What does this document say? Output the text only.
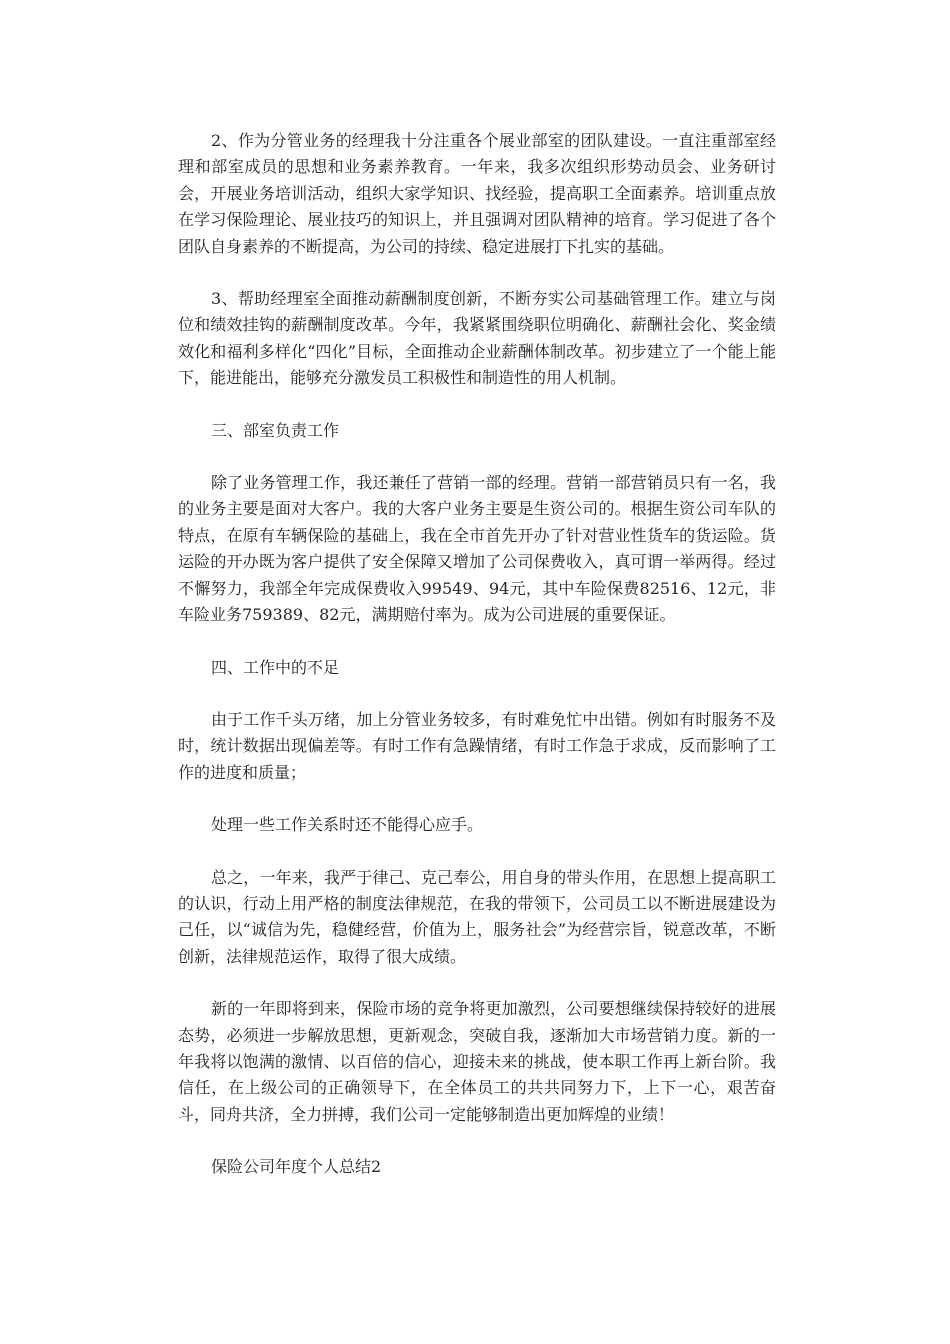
2、作为分管业务的经理我十分注重各个展业部室的团队建设。一直注重部室经理和部室成员的思想和业务素养教育。一年来，我多次组织形势动员会、业务研讨会，开展业务培训活动，组织大家学知识、找经验，提高职工全面素养。培训重点放在学习保险理论、展业技巧的知识上，并且强调对团队精神的培育。学习促进了各个团队自身素养的不断提高，为公司的持续、稳定进展打下扎实的基础。

3、帮助经理室全面推动薪酬制度创新，不断夯实公司基础管理工作。建立与岗位和绩效挂钩的薪酬制度改革。今年，我紧紧围绕职位明确化、薪酬社会化、奖金绩效化和福利多样化“四化”目标，全面推动企业薪酬体制改革。初步建立了一个能上能下，能进能出，能够充分激发员工积极性和制造性的用人机制。

三、部室负责工作

除了业务管理工作，我还兼任了营销一部的经理。营销一部营销员只有一名，我的业务主要是面对大客户。我的大客户业务主要是生资公司的。根据生资公司车队的特点，在原有车辆保险的基础上，我在全市首先开办了针对营业性货车的货运险。货运险的开办既为客户提供了安全保障又增加了公司保费收入，真可谓一举两得。经过不懈努力，我部全年完成保费收入99549、94元，其中车险保费82516、12元，非车险业务759389、82元，满期赔付率为。成为公司进展的重要保证。

四、工作中的不足

由于工作千头万绪，加上分管业务较多，有时难免忙中出错。例如有时服务不及时，统计数据出现偏差等。有时工作有急躁情绪，有时工作急于求成，反而影响了工作的进度和质量；

处理一些工作关系时还不能得心应手。

总之，一年来，我严于律己、克己奉公，用自身的带头作用，在思想上提高职工的认识，行动上用严格的制度法律规范，在我的带领下，公司员工以不断进展建设为己任，以“诚信为先，稳健经营，价值为上，服务社会”为经营宗旨，锐意改革，不断创新，法律规范运作，取得了很大成绩。

新的一年即将到来，保险市场的竞争将更加激烈，公司要想继续保持较好的进展态势，必须进一步解放思想，更新观念，突破自我，逐渐加大市场营销力度。新的一年我将以饱满的激情、以百倍的信心，迎接未来的挑战，使本职工作再上新台阶。我信任，在上级公司的正确领导下，在全体员工的共共同努力下，上下一心，艰苦奋斗，同舟共济，全力拼搏，我们公司一定能够制造出更加辉煌的业绩！

保险公司年度个人总结2
